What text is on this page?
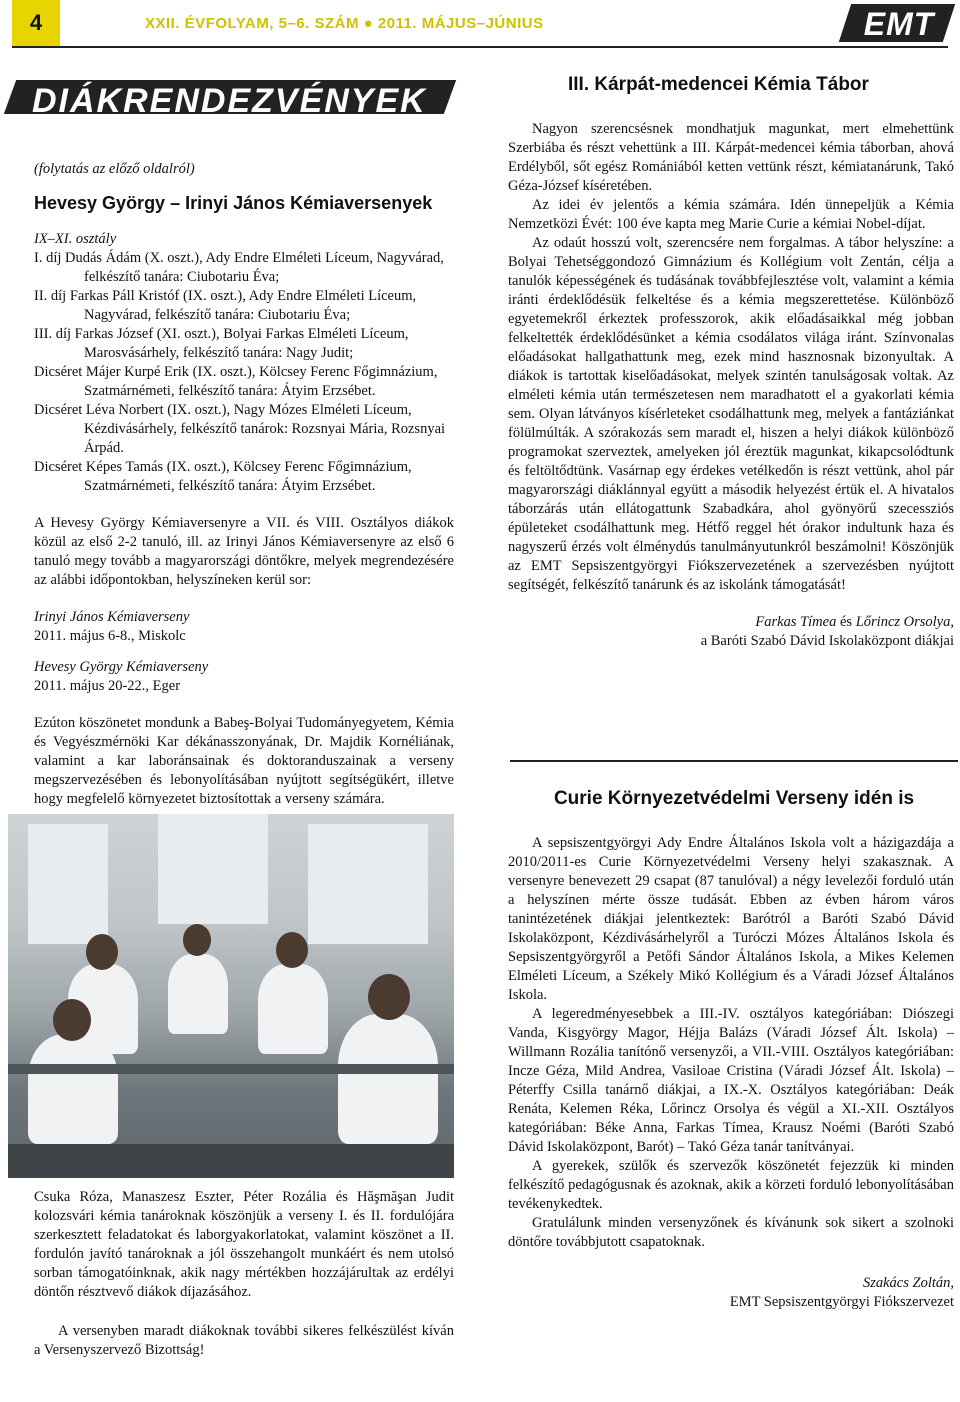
4	XXII. ÉVFOLYAM, 5–6. SZÁM ● 2011. MÁJUS–JÚNIUS	EMT
DIÁKRENDEZVÉNYEK

(folytatás az előző oldalról)

Hevesy György – Irinyi János Kémiaversenyek

IX–XI. osztály

I. díj Dudás Ádám (X. oszt.), Ady Endre Elméleti Líceum, Nagyvárad, felkészítő tanára: Ciubotariu Éva;

II. díj Farkas Páll Kristóf (IX. oszt.), Ady Endre Elméleti Líceum, Nagyvárad, felkészítő tanára: Ciubotariu Éva;

III. díj Farkas József (XI. oszt.), Bolyai Farkas Elméleti Líceum, Marosvásárhely, felkészítő tanára: Nagy Judit;

Dicséret Májer Kurpé Erik (IX. oszt.), Kölcsey Ferenc Főgimnázium, Szatmárnémeti, felkészítő tanára: Átyim Erzsébet.

Dicséret Léva Norbert (IX. oszt.), Nagy Mózes Elméleti Líceum, Kézdivásárhely, felkészítő tanárok: Rozsnyai Mária, Rozsnyai Árpád.

Dicséret Képes Tamás (IX. oszt.), Kölcsey Ferenc Főgimnázium, Szatmárnémeti, felkészítő tanára: Átyim Erzsébet.

A Hevesy György Kémiaversenyre a VII. és VIII. Osztályos diákok közül az első 2-2 tanuló, ill. az Irinyi János Kémiaversenyre az első 6 tanuló megy tovább a magyarországi döntőkre, melyek megrendezésére az alábbi időpontokban, helyszíneken kerül sor:

Irinyi János Kémiaverseny

2011. május 6-8., Miskolc

Hevesy György Kémiaverseny

2011. május 20-22., Eger

Ezúton köszönetet mondunk a Babeş-Bolyai Tudományegyetem, Kémia és Vegyészmérnöki Kar dékánasszonyának, Dr. Majdik Kornéliának, valamint a kar laboránsainak és doktoranduszainak a verseny megszervezésében és lebonyolításában nyújtott segítségükért, illetve hogy megfelelő környezetet biztosítottak a verseny számára.

Csuka Róza, Manaszesz Eszter, Péter Rozália és Hăşmăşan Judit kolozsvári kémia tanároknak köszönjük a verseny I. és II. fordulójára szerkesztett feladatokat és laborgyakorlatokat, valamint köszönet a II. fordulón javító tanároknak a jól összehangolt munkáért és nem utolsó sorban támogatóinknak, akik nagy mértékben hozzájárultak az erdélyi döntőn résztvevő diákok díjazásához.

A versenyben maradt diákoknak további sikeres felkészülést kíván a Versenyszervező Bizottság!

III. Kárpát-medencei Kémia Tábor

Nagyon szerencsésnek mondhatjuk magunkat, mert elmehettünk Szerbiába és részt vehettünk a III. Kárpát-medencei kémia táborban, ahová Erdélyből, sőt egész Romániából ketten vettünk részt, kémiatanárunk, Takó Géza-József kíséretében.

Az idei év jelentős a kémia számára. Idén ünnepeljük a Kémia Nemzetközi Évét: 100 éve kapta meg Marie Curie a kémiai Nobel-díjat.

Az odaút hosszú volt, szerencsére nem forgalmas. A tábor helyszíne: a Bolyai Tehetséggondozó Gimnázium és Kollégium volt Zentán, célja a tanulók képességének és tudásának továbbfejlesztése volt, valamint a kémia iránti érdeklődésük felkeltése és a kémia megszerettetése. Különböző egyetemekről érkeztek professzorok, akik előadásaikkal még jobban felkeltették érdeklődésünket a kémia csodálatos világa iránt. Színvonalas előadásokat hallgathattunk meg, ezek mind hasznosnak bizonyultak. A diákok is tartottak kiselőadásokat, melyek szintén tanulságosak voltak. Az elméleti kémia után természetesen nem maradhatott el a gyakorlati kémia sem. Olyan látványos kísérleteket csodálhattunk meg, melyek a fantáziánkat fölülmúlták. A szórakozás sem maradt el, hiszen a helyi diákok különböző programokat szerveztek, amelyeken jól éreztük magunkat, kikapcsolódtunk és feltöltődtünk. Vasárnap egy érdekes vetélkedőn is részt vettünk, ahol pár magyarországi diáklánnyal együtt a második helyezést értük el. A hivatalos táborzárás után ellátogattunk Szabadkára, ahol gyönyörű szecessziós épületeket csodálhattunk meg. Hétfő reggel hét órakor indultunk haza és nagyszerű érzés volt élménydús tanulmányutunkról beszámolni! Köszönjük az EMT Sepsiszentgyörgyi Fiókszervezetének a szervezésben nyújtott segítségét, felkészítő tanárunk és az iskolánk támogatását!

Farkas Tímea és Lőrincz Orsolya,

a Baróti Szabó Dávid Iskolaközpont diákjai

Curie Környezetvédelmi Verseny idén is

A sepsiszentgyörgyi Ady Endre Általános Iskola volt a házigazdája a 2010/2011-es Curie Környezetvédelmi Verseny helyi szakasznak. A versenyre benevezett 29 csapat (87 tanulóval) a négy levelezői forduló után a helyszínen mérte össze tudását. Ebben az évben három város tanintézetének diákjai jelentkeztek: Barótról a Baróti Szabó Dávid Iskolaközpont, Kézdivásárhelyről a Turóczi Mózes Általános Iskola és Sepsiszentgyörgyről a Petőfi Sándor Általános Iskola, a Mikes Kelemen Elméleti Líceum, a Székely Mikó Kollégium és a Váradi József Általános Iskola.

A legeredményesebbek a III.-IV. osztályos kategóriában: Diószegi Vanda, Kisgyörgy Magor, Héjja Balázs (Váradi József Ált. Iskola) – Willmann Rozália tanítónő versenyzői, a VII.-VIII. Osztályos kategóriában: Incze Géza, Mild Andrea, Vasiloae Cristina (Váradi József Ált. Iskola) – Péterffy Csilla tanárnő diákjai, a IX.-X. Osztályos kategóriában: Deák Renáta, Kelemen Réka, Lőrincz Orsolya és végül a XI.-XII. Osztályos kategóriában: Béke Anna, Farkas Tímea, Krausz Noémi (Baróti Szabó Dávid Iskolaközpont, Barót) – Takó Géza tanár tanítványai.

A gyerekek, szülők és szervezők köszönetét fejezzük ki minden felkészítő pedagógusnak és azoknak, akik a körzeti forduló lebonyolításában tevékenykedtek.

Gratulálunk minden versenyzőnek és kívánunk sok sikert a szolnoki döntőre továbbjutott csapatoknak.

Szakács Zoltán,

EMT Sepsiszentgyörgyi Fiókszervezet
